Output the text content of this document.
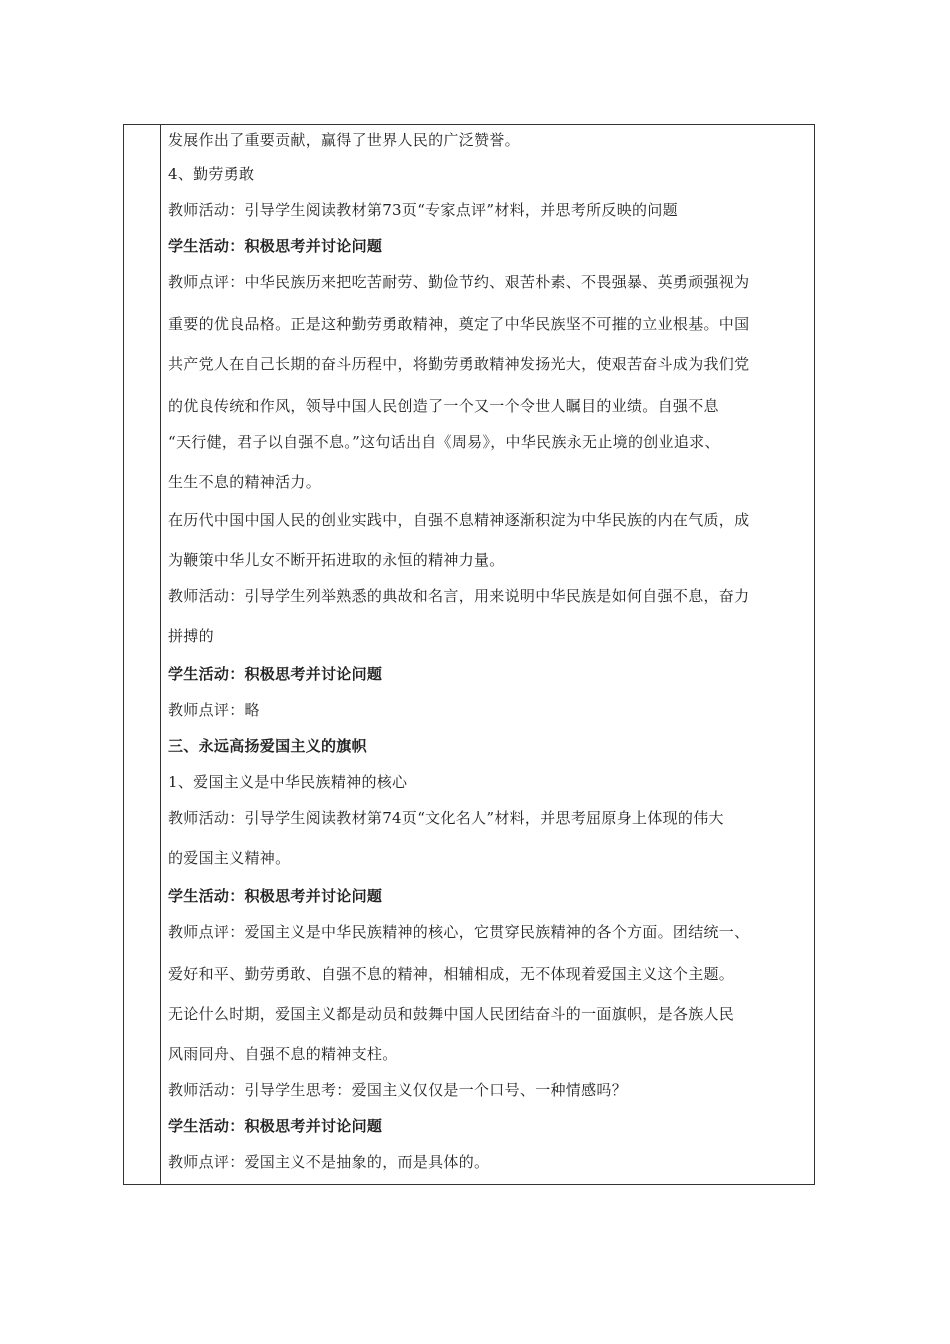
发展作出了重要贡献，赢得了世界人民的广泛赞誉。
4、勤劳勇敢
教师活动：引导学生阅读教材第73页“专家点评”材料，并思考所反映的问题
学生活动：积极思考并讨论问题
教师点评：中华民族历来把吃苦耐劳、勤俭节约、艰苦朴素、不畏强暴、英勇顽强视为
重要的优良品格。正是这种勤劳勇敢精神，奠定了中华民族坚不可摧的立业根基。中国
共产党人在自己长期的奋斗历程中，将勤劳勇敢精神发扬光大，使艰苦奋斗成为我们党
的优良传统和作风，领导中国人民创造了一个又一个令世人瞩目的业绩。自强不息
“天行健，君子以自强不息。”这句话出自《周易》，中华民族永无止境的创业追求、
生生不息的精神活力。
在历代中国中国人民的创业实践中，自强不息精神逐渐积淀为中华民族的内在气质，成
为鞭策中华儿女不断开拓进取的永恒的精神力量。
教师活动：引导学生列举熟悉的典故和名言，用来说明中华民族是如何自强不息，奋力
拼搏的
学生活动：积极思考并讨论问题
教师点评：略
三、永远高扬爱国主义的旗帜
1、爱国主义是中华民族精神的核心
教师活动：引导学生阅读教材第74页“文化名人”材料，并思考屈原身上体现的伟大
的爱国主义精神。
学生活动：积极思考并讨论问题
教师点评：爱国主义是中华民族精神的核心，它贯穿民族精神的各个方面。团结统一、
爱好和平、勤劳勇敢、自强不息的精神，相辅相成，无不体现着爱国主义这个主题。
无论什么时期，爱国主义都是动员和鼓舞中国人民团结奋斗的一面旗帜，是各族人民
风雨同舟、自强不息的精神支柱。
教师活动：引导学生思考：爱国主义仅仅是一个口号、一种情感吗？
学生活动：积极思考并讨论问题
教师点评：爱国主义不是抽象的，而是具体的。
